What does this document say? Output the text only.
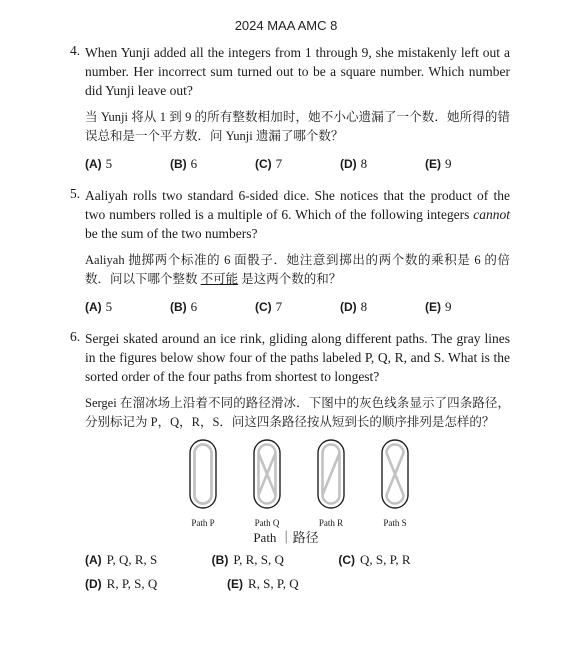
2024 MAA AMC 8
4. When Yunji added all the integers from 1 through 9, she mistakenly left out a number. Her incorrect sum turned out to be a square number. Which number did Yunji leave out?
当 Yunji 将从 1 到 9 的所有整数相加时，她不小心遗漏了一个数．她所得的错误总和是一个平方数．问 Yunji 遗漏了哪个数？
(A) 5	(B) 6	(C) 7	(D) 8	(E) 9
5. Aaliyah rolls two standard 6-sided dice. She notices that the product of the two numbers rolled is a multiple of 6. Which of the following integers cannot be the sum of the two numbers?
Aaliyah 抛掷两个标准的 6 面骰子．她注意到掷出的两个数的乘积是 6 的倍数．问以下哪个整数 不可能 是这两个数的和？
(A) 5	(B) 6	(C) 7	(D) 8	(E) 9
6. Sergei skated around an ice rink, gliding along different paths. The gray lines in the figures below show four of the paths labeled P, Q, R, and S. What is the sorted order of the four paths from shortest to longest?
Sergei 在溜冰场上沿着不同的路径滑冰．下图中的灰色线条显示了四条路径，分别标记为 P，Q，R，S．问这四条路径按从短到长的顺序排列是怎样的？
Path P	Path Q	Path R	Path S
Path ｜路径
(A) P, Q, R, S	(B) P, R, S, Q	(C) Q, S, P, R
(D) R, P, S, Q	(E) R, S, P, Q
